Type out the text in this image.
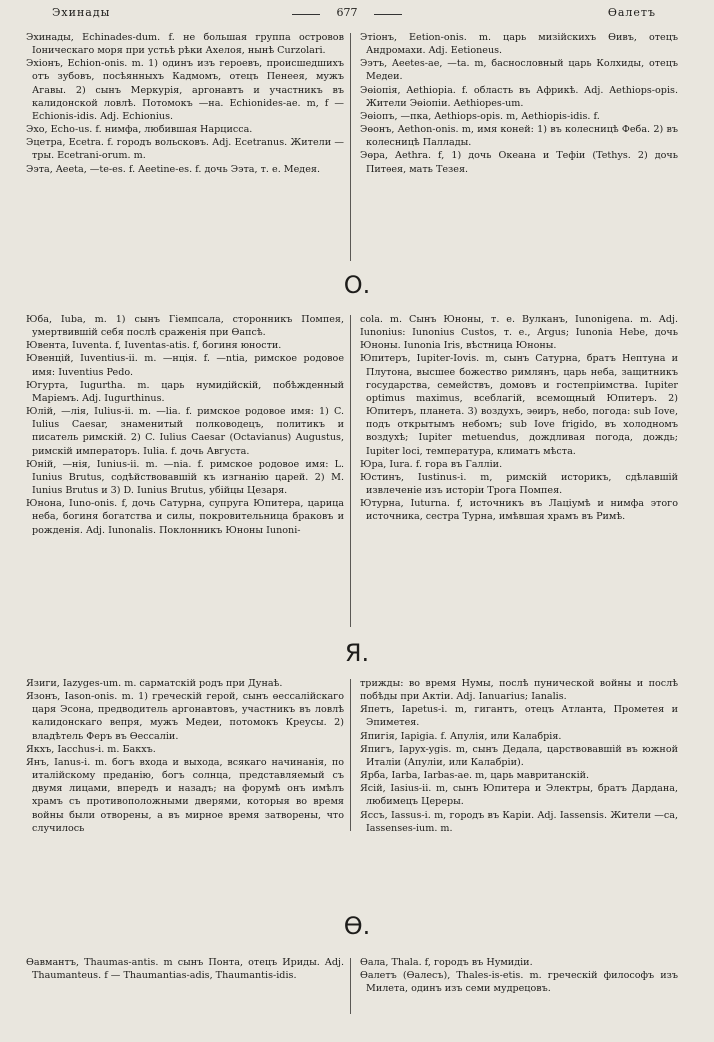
Эхинады	677	Өалетъ

Эхинады, Echinades-dum. f. не большая группа островов Іоническаго моря при устьѣ рѣки Ахелоя, нынѣ Curzolari.

Эхіонъ, Echion-onis. m. 1) одинъ изъ героевъ, происшедшихъ отъ зубовъ, посѣянныхъ Кадмомъ, отецъ Пенеея, мужъ Агавы. 2) сынъ Меркурія, аргонавтъ и участникъ въ калидонской ловлѣ. Потомокъ —на. Echionides-ae. m, f — Echionis-idis. Adj. Echionius.

Эхо, Echo-us. f. нимфа, любившая Нарцисса.

Эцетра, Ecetra. f. городъ вольсковъ. Adj. Ecetranus. Жители —тры. Ecetrani-orum. m.

Ээта, Aeeta, —te-es. f. Aeetine-es. f. дочь Ээта, т. е. Медея.

Этіонъ, Eetion-onis. m. царь мизійскихъ Өивъ, отецъ Андромахи. Adj. Eetioneus.

Ээтъ, Aeetes-ae, —ta. m, баснословный царь Колхиды, отецъ Медеи.

Эөіопія, Aethiopia. f. область въ Африкѣ. Adj. Aethiops-opis. Жители Эөіопіи. Aethiopes-um.

Эөіопъ, —пка, Aethiops-opis. m, Aethiopis-idis. f.

Эөонъ, Aethon-onis. m, имя коней: 1) въ колесницѣ Феба. 2) въ колесницѣ Паллады.

Эөра, Aethra. f, 1) дочь Океана и Тефіи (Tethys. 2) дочь Питѳея, мать Тезея.

О.

Юба, Iuba, m. 1) сынъ Гіемпсала, сторонникъ Помпея, умертвившій себя послѣ сраженія при Өапсѣ.

Ювента, Iuventa. f, Iuventas-atis. f, богиня юности.

Ювенцій, Iuventius-ii. m. —нція. f. —ntia, римское родовое имя: Iuventius Pedo.

Югурта, Iugurtha. m. царь нумидійскій, побѣжденный Маріемъ. Adj. Iugurthinus.

Юлій, —лія, Iulius-ii. m. —lia. f. римское родовое имя: 1) C. Iulius Caesar, знаменитый полководецъ, политикъ и писатель римскій. 2) C. Iulius Caesar (Octavianus) Augustus, римскій императоръ. Iulia. f. дочь Августа.

Юній, —нія, Iunius-ii. m. —nia. f. римское родовое имя: L. Iunius Brutus, содѣйствовавшій къ изгнанію царей. 2) M. Iunius Brutus и 3) D. Iunius Brutus, убійцы Цезаря.

Юнона, Iuno-onis. f, дочь Сатурна, супруга Юпитера, царица неба, богиня богатства и силы, покровительница браковъ и рожденія. Adj. Iunonalis. Поклонникъ Юноны Iunoni-

cola. m. Сынъ Юноны, т. е. Вулканъ, Iunonigena. m. Adj. Iunonius: Iunonius Custos, т. е., Argus; Iunonia Hebe, дочь Юноны. Iunonia Iris, вѣстница Юноны.

Юпитеръ, Iupiter-Iovis. m, сынъ Сатурна, братъ Нептуна и Плутона, высшее божество римлянъ, царь неба, защитникъ государства, семействъ, домовъ и гостепріимства. Iupiter optimus maximus, всеблагій, всемощный Юпитеръ. 2) Юпитеръ, планета. 3) воздухъ, эѳиръ, небо, погода: sub Iove, подъ открытымъ небомъ; sub Iove frigido, въ холодномъ воздухѣ; Iupiter metuendus, дождливая погода, дождь; Iupiter loci, температура, климатъ мѣста.

Юра, Iura. f. гора въ Галліи.

Юстинъ, Iustinus-i. m, римскій историкъ, сдѣлавшій извлеченіе изъ исторіи Трога Помпея.

Ютурна, Iuturna. f, источникъ въ Лаціумѣ и нимфа этого источника, сестра Турна, имѣвшая храмъ въ Римѣ.

Я.

Язиги, Iazyges-um. m. сарматскій родъ при Дунаѣ.

Язонъ, Iason-onis. m. 1) греческій герой, сынъ өессалійскаго царя Эсона, предводитель аргонавтовъ, участникъ въ ловлѣ калидонскаго вепря, мужъ Медеи, потомокъ Креусы. 2) владѣтель Феръ въ Өессаліи.

Якхъ, Iacchus-i. m. Бакхъ.

Янъ, Ianus-i. m. богъ входа и выхода, всякаго начинанія, по италійскому преданію, богъ солнца, представляемый съ двумя лицами, впередъ и назадъ; на форумѣ онъ имѣлъ храмъ съ противоположными дверями, которыя во время войны были отворены, а въ мирное время затворены, что случилось

трижды: во время Нумы, послѣ пунической войны и послѣ побѣды при Актіи. Adj. Ianuarius; Ianalis.

Япетъ, Iapetus-i. m, гигантъ, отецъ Атланта, Прометея и Эпиметея.

Япигія, Iapigia. f. Апулія, или Калабрія.

Япигъ, Iapyx-ygis. m, сынъ Дедала, царствовавшій въ южной Италіи (Апуліи, или Калабріи).

Ярба, Iarba, Iarbas-ae. m, царь мавританскій.

Ясій, Iasius-ii. m, сынъ Юпитера и Электры, братъ Дардана, любимецъ Цереры.

Яссъ, Iassus-i. m, городъ въ Каріи. Adj. Iassensis. Жители —са, Iassenses-ium. m.

Ө.

Өавмантъ, Thaumas-antis. m сынъ Понта, отецъ Ириды. Adj. Thaumanteus. f — Thaumantias-adis, Thaumantis-idis.

Өала, Thala. f, городъ въ Нумидіи.

Өалетъ (Өалесъ), Thales-is-etis. m. греческій философъ изъ Милета, одинъ изъ семи мудрецовъ.
